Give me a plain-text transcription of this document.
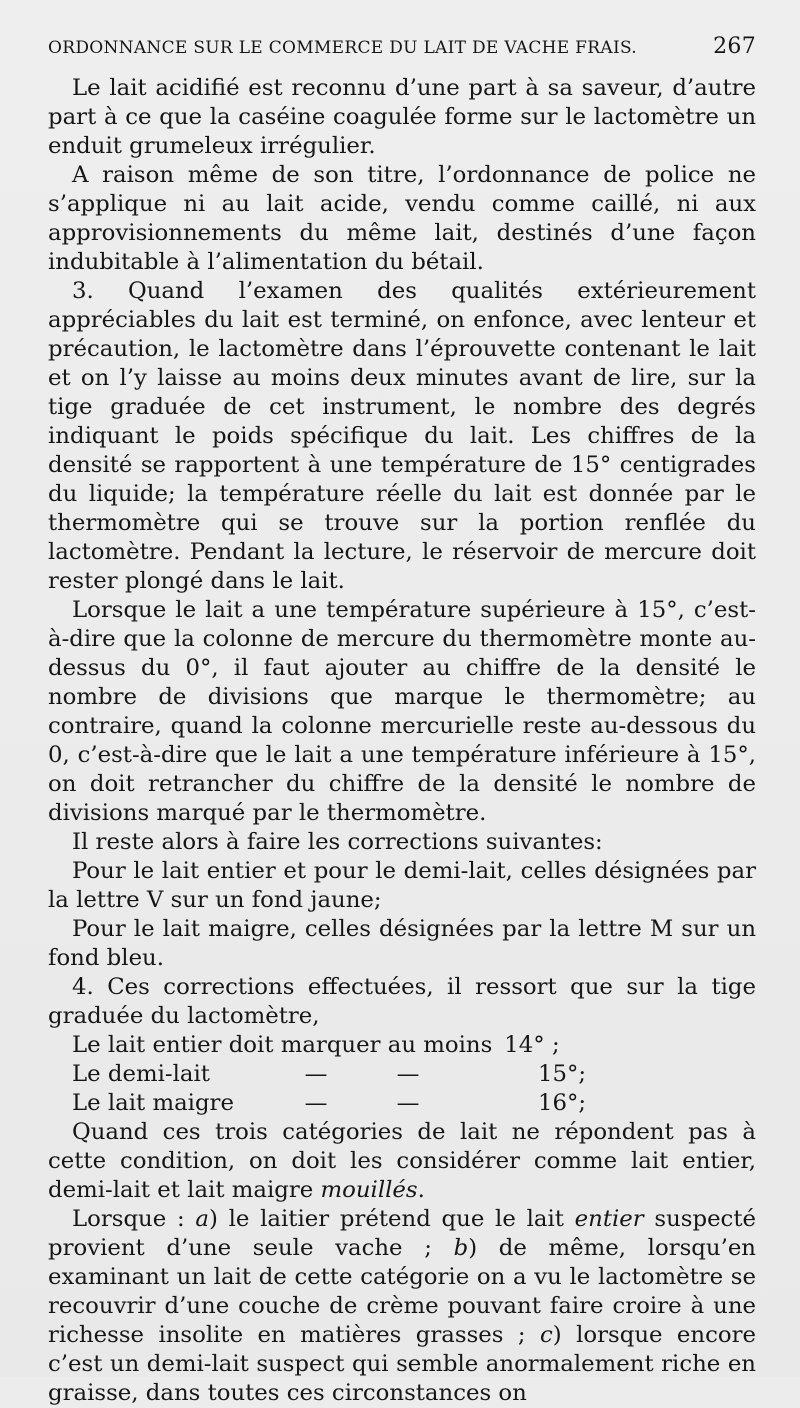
ORDONNANCE SUR LE COMMERCE DU LAIT DE VACHE FRAIS.	267

Le lait acidifié est reconnu d’une part à sa saveur, d’autre part à ce que la caséine coagulée forme sur le lactomètre un enduit grumeleux irrégulier.

A raison même de son titre, l’ordonnance de police ne s’applique ni au lait acide, vendu comme caillé, ni aux approvisionnements du même lait, destinés d’une façon indubitable à l’alimentation du bétail.

3. Quand l’examen des qualités extérieurement appréciables du lait est terminé, on enfonce, avec lenteur et précaution, le lactomètre dans l’éprouvette contenant le lait et on l’y laisse au moins deux minutes avant de lire, sur la tige graduée de cet instrument, le nombre des degrés indiquant le poids spécifique du lait. Les chiffres de la densité se rapportent à une température de 15° centigrades du liquide; la température réelle du lait est donnée par le thermomètre qui se trouve sur la portion renflée du lactomètre. Pendant la lecture, le réservoir de mercure doit rester plongé dans le lait.

Lorsque le lait a une température supérieure à 15°, c’est-à-dire que la colonne de mercure du thermomètre monte au-dessus du 0°, il faut ajouter au chiffre de la densité le nombre de divisions que marque le thermomètre; au contraire, quand la colonne mercurielle reste au-dessous du 0, c’est-à-dire que le lait a une température inférieure à 15°, on doit retrancher du chiffre de la densité le nombre de divisions marqué par le thermomètre.

Il reste alors à faire les corrections suivantes:

Pour le lait entier et pour le demi-lait, celles désignées par la lettre V sur un fond jaune;

Pour le lait maigre, celles désignées par la lettre M sur un fond bleu.

4. Ces corrections effectuées, il ressort que sur la tige graduée du lactomètre,

Le lait entier doit marquer au moins 14° ;
Le demi-lait	—	—	15°;
Le lait maigre	—	—	16°;

Quand ces trois catégories de lait ne répondent pas à cette condition, on doit les considérer comme lait entier, demi-lait et lait maigre mouillés.

Lorsque : a) le laitier prétend que le lait entier suspecté provient d’une seule vache ; b) de même, lorsqu’en examinant un lait de cette catégorie on a vu le lactomètre se recouvrir d’une couche de crème pouvant faire croire à une richesse insolite en matières grasses ; c) lorsque encore c’est un demi-lait suspect qui semble anormalement riche en graisse, dans toutes ces circonstances on
